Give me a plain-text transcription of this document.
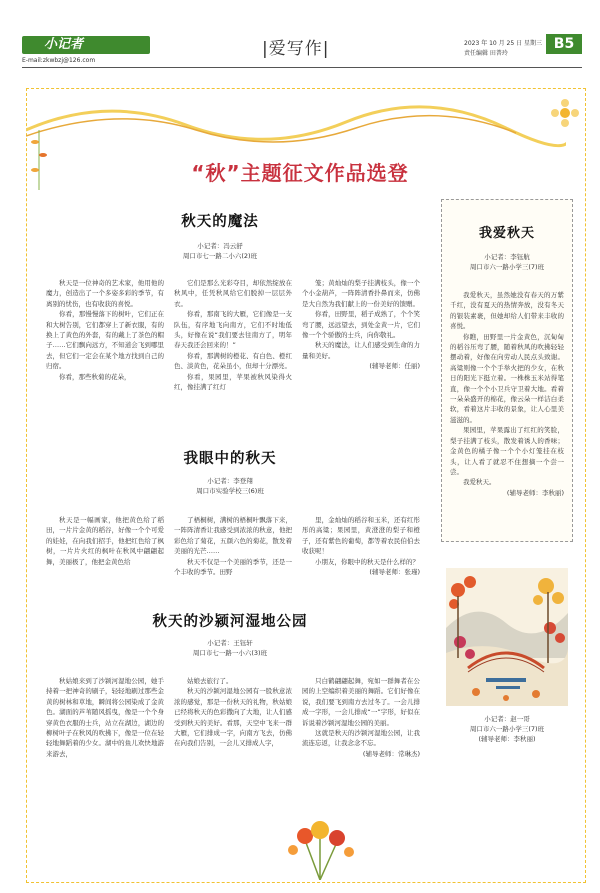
小记者
E-mail:zkwbzj@126.com
|爱写作|	2023 年 10 月 25 日 星期三
责任编辑 田普玲
B5
“秋”主题征文作品选登
秋天的魔法
小记者：冯云舒
周口市七一路二小六(2)班

秋天是一位神奇的艺术家，他用他的魔力，创造出了一个多姿多彩的季节，有离别的忧伤，也有收获的喜悦。

你看，那慢慢落下的树叶，它们正在和大树告别，它们都穿上了新衣服，有的换上了黄色的外套，有的戴上了茶色的帽子……它们飘向远方，不知道会飞到哪里去，但它们一定会在某个地方找到自己的归宿。

你看，那些秋菊的花朵，

它们是那么光彩夺目，却依然绽放在秋风中，任凭秋风给它们脱掉一层层外衣。

你看，那南飞的大雁，它们像是一支队伍，有序地飞向南方，它们不时地低头，好像在说“我们要去往南方了，明年春天我还会回来的！”

你看，那满树的橙花、有白色、橙红色、淡黄色，花朵虽小，但却十分漂亮。

你看，果园里，苹果被秋风染得火红，像挂满了红灯

笼；黄灿灿的梨子挂满枝头，像一个个小金葫芦，一阵阵清香扑鼻而来，仿佛是大自然为我们献上的一份美好的馈赠。

你看，田野里，稻子成熟了，个个笑弯了腰，远远望去，到处金黄一片，它们像一个个骄傲的士兵，向你敬礼。

秋天的魔法，让人们感受到生命的力量和美好。

(辅导老师：任丽)
我眼中的秋天
小记者：李登翔
周口市实验学校三(6)班

秋天是一幅画家，他把黄色给了稻田，一片片金黄的稻谷，好像一个个可爱的娃娃，在向我们招手，他把红色给了枫树，一片片火红的枫叶在秋风中翩翩起舞，美丽极了，他把金黄色给

了梧桐树，满树的梧桐叶飘落下来，一阵阵清香让我感受到浓浓的秋意，他把彩色给了菊花，五颜六色的菊花，散发着美丽的光芒……

秋天不仅是一个美丽的季节，还是一个丰收的季节。田野

里，金灿灿的稻谷和玉米，还有红彤彤的高粱；果园里，黄澄澄的梨子和橙子，还有紫色的葡萄，都等着农民伯伯去收获呢！

小朋友，你眼中的秋天是什么样的？

(辅导老师：张瑾)
秋天的沙颍河湿地公园
小记者：王钰轩
周口市七一路一小六(3)班

秋姑娘来到了沙颍河湿地公园，她手持着一把神奇的刷子，轻轻地刷过那些金黄的树林和草地，瞬间将公园染成了金黄色。湖面的芦苇随风摇曳，像是一个个身穿黄色衣服的士兵，站立在湖边，湖边的柳树叶子在秋风的吹拂下，像是一位在轻轻地舞蹈着的少女。湖中的鱼儿欢快地游来游去，

姑娘去旅行了。

秋天的沙颍河湿地公园有一股秋意浓浓的感觉，那是一份秋天的礼物，秋姑娘已经将秋天的色彩撒向了大地，让人们感受到秋天的美好。看那，天空中飞来一群大雁，它们排成一字，向南方飞去，仿佛在向我们告别，一会儿又排成人字，

只白鹤翩翩起舞，宛如一群舞者在公园的上空编织着美丽的舞蹈。它们好像在说，我们要飞到南方去过冬了。一会儿排成一字形，一会儿排成“一”字形，好似在诉说着沙颍河湿地公园的美丽。

这就是秋天的沙颍河湿地公园，让我流连忘返，让我念念不忘。

(辅导老师：常琳杰)
我爱秋天
小记者：李钰航
周口市六一路小学三(7)班

我爱秋天，虽然她没有春天的万紫千红，没有夏天的热情奔放，没有冬天的银装素裹，但她却给人们带来丰收的喜悦。

你瞧，田野里一片金黄色，沉甸甸的稻谷压弯了腰，随着秋风的吹拂轻轻摆动着，好像在向劳动人民点头致谢。高粱则像一个个手举火把的少女，在秋日的阳光下挺立着。一株株玉米站得笔直，像一个个小卫兵守卫着大地。看着一朵朵盛开的棉花，像云朵一样洁白柔软，看着这片丰收的景象，让人心里美滋滋的。

果园里，苹果露出了红红的笑脸，梨子挂满了枝头，散发着诱人的香味；金黄色的橘子像一个个小灯笼挂在枝头，让人看了就忍不住想摘一个尝一尝。

我爱秋天。

(辅导老师：李秋丽)
小记者：赵一哥
周口市六一路小学三(7)班
(辅导老师：李秋丽)
